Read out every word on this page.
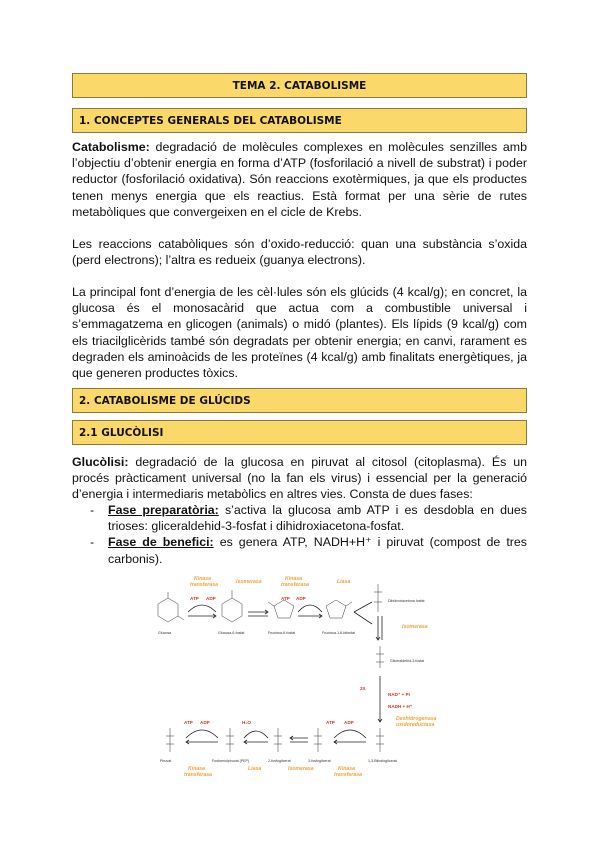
TEMA 2. CATABOLISME
1. CONCEPTES GENERALS DEL CATABOLISME

Catabolisme: degradació de molècules complexes en molècules senzilles amb l’objectiu d’obtenir energia en forma d’ATP (fosforilació a nivell de substrat) i poder reductor (fosforilació oxidativa). Són reaccions exotèrmiques, ja que els productes tenen menys energia que els reactius. Està format per una sèrie de rutes metabòliques que convergeixen en el cicle de Krebs.

Les reaccions catabòliques són d’oxido-reducció: quan una substància s’oxida (perd electrons); l’altra es redueix (guanya electrons).

La principal font d’energia de les cèl·lules són els glúcids (4 kcal/g); en concret, la glucosa és el monosacàrid que actua com a combustible universal i s’emmagatzema en glicogen (animals) o midó (plantes). Els lípids (9 kcal/g) com els triacilglicèrids també són degradats per obtenir energia; en canvi, rarament es degraden els aminoàcids de les proteïnes (4 kcal/g) amb finalitats energètiques, ja que generen productes tòxics.

2. CATABOLISME DE GLÚCIDS
2.1 GLUCÒLISI

Glucòlisi: degradació de la glucosa en piruvat al citosol (citoplasma). És un procés pràcticament universal (no la fan els virus) i essencial per la generació d’energia i intermediaris metabòlics en altres vies. Consta de dues fases:

- Fase preparatòria: s’activa la glucosa amb ATP i es desdobla en dues trioses: gliceraldehid-3-fosfat i dihidroxiacetona-fosfat.
- Fase de benefici: es genera ATP, NADH+H⁺ i piruvat (compost de tres carbonis).
Kinasa
transferasa	Isomerasa	Kinasa
transferasa	Liasa
Isomerasa
Glucosa
ATP ADP
Glucosa-6-fosfat	Fructosa-6-fosfat
ATP ADP
Fructosa-1,6-bifosfat
Dihidroxiacetona fosfat
Gliceraldehid-3-fosfat
2X
NAD⁺ + Pi
NADH + H⁺
Deshidrogenasa
oxidoreductasa
1,3-Bifosfoglicerat
ATP ADP
3-fosfoglicerat
2-fosfoglicerat
H₂O
Fosfoenolpiruvat (PEP)
ATP ADP
Piruvat
Kinasa
transferasa
Liasa	Isomerasa	Kinasa
transferasa
